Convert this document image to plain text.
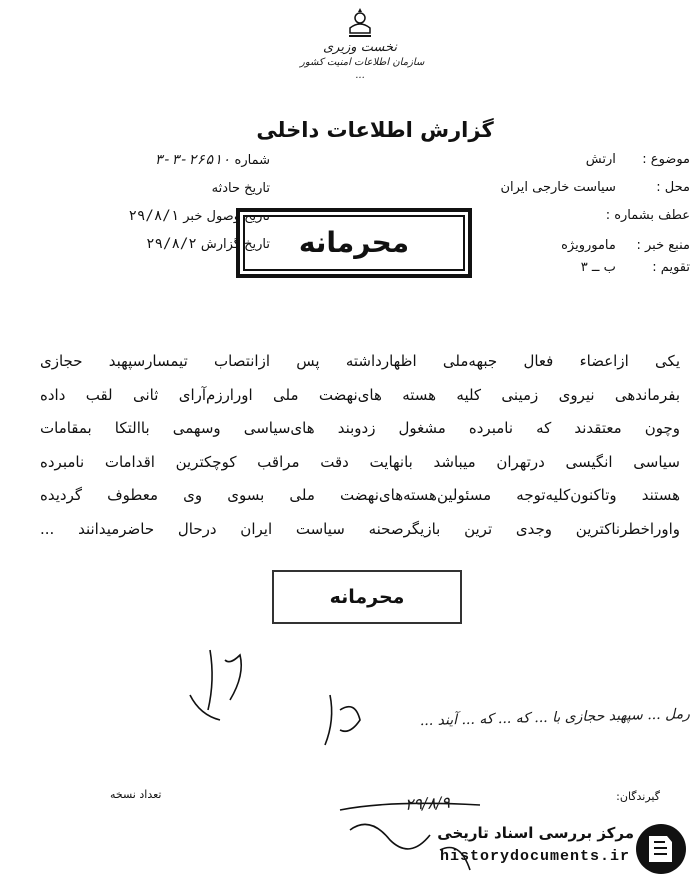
نخست وزیری
سازمان اطلاعات امنیت کشور
...
گزارش اطلاعات داخلی
موضوع : ارتش
محل : سیاست خارجی ایران
عطف بشماره :
منبع خبر : مامورویژه
تقویم : ب ــ ۳
شماره ۲۶۵۱۰-۳-۳
تاریخ حادثه
تاریخ وصول خبر ۲۹/۸/۱
تاریخ گزارش ۲۹/۸/۲	محرمانه
یکی ازاعضاء فعال جبهه‌ملی اظهارداشته پس ازانتصاب تیمسارسپهبد حجازی
بفرماندهی نیروی زمینی کلیه هسته های‌نهضت ملی اورارزم‌آرای ثانی لقب داده
وچون معتقدند که نامبرده مشغول زدوبند های‌سیاسی وسهمی باالتکا بمقامات
سیاسی انگیسی درتهران میباشد بانهایت دقت مراقب کوچکترین اقدامات نامبرده
هستند وتاکنون‌کلیه‌توجه مسئولین‌هسته‌های‌نهضت ملی بسوی وی معطوف گردیده
واوراخطرناکترین وجدی ترین بازیگرصحنه سیاست ایران درحال حاضرمیدانند ...
محرمانه
رمل ... سپهبد حجازی با ... که ... که ... آیند ...
۲۹/۸/۹	گیرندگان:
تعداد نسخه
مرکز بررسی اسناد تاریخی
historydocuments.ir
